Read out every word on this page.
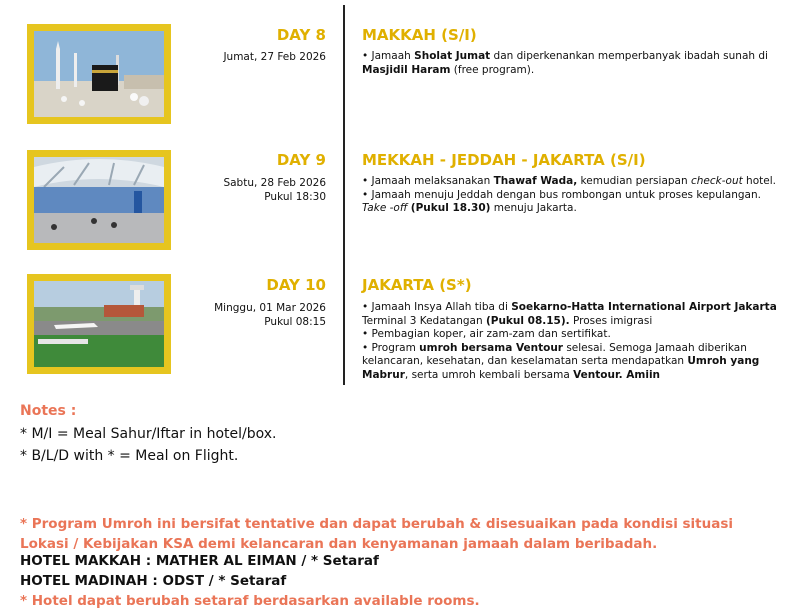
DAY 8
Jumat, 27 Feb 2026
MAKKAH (S/I)

• Jamaah Sholat Jumat dan diperkenankan memperbanyak ibadah sunah di
Masjidil Haram (free program).

DAY 9
Sabtu, 28 Feb 2026
Pukul 18:30
MEKKAH - JEDDAH - JAKARTA (S/I)

• Jamaah melaksanakan Thawaf Wada, kemudian persiapan check-out hotel.

• Jamaah menuju Jeddah dengan bus rombongan untuk proses kepulangan. Take -off (Pukul 18.30) menuju Jakarta.

DAY 10
Minggu, 01 Mar 2026
Pukul 08:15
JAKARTA (S*)

• Jamaah Insya Allah tiba di Soekarno-Hatta International Airport Jakarta Terminal 3 Kedatangan (Pukul 08.15). Proses imigrasi

• Pembagian koper, air zam-zam dan sertifikat.

• Program umroh bersama Ventour selesai. Semoga Jamaah diberikan kelancaran, kesehatan, dan keselamatan serta mendapatkan Umroh yang Mabrur, serta umroh kembali bersama Ventour. Amiin

Notes :
* M/I = Meal Sahur/Iftar in hotel/box.
* B/L/D with * = Meal on Flight.
* Program Umroh ini bersifat tentative dan dapat berubah & disesuaikan pada kondisi situasi Lokasi / Kebijakan KSA demi kelancaran dan kenyamanan jamaah dalam beribadah.
HOTEL MAKKAH : MATHER AL EIMAN / * Setaraf
HOTEL MADINAH : ODST / * Setaraf
* Hotel dapat berubah setaraf berdasarkan available rooms.
